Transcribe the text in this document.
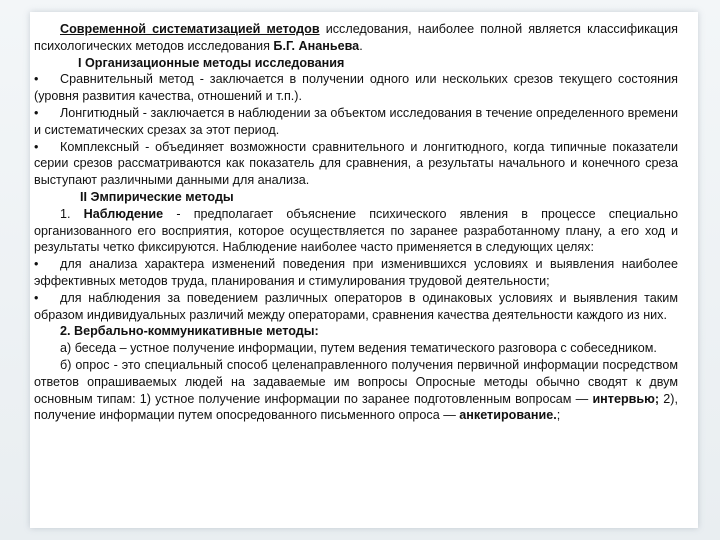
Современной систематизацией методов исследования, наиболее полной является классификация психологических методов исследования Б.Г. Ананьева.

I Организационные методы исследования

• Сравнительный метод - заключается в получении одного или нескольких срезов текущего состояния (уровня развития качества, отношений и т.п.).

• Лонгитюдный - заключается в наблюдении за объектом исследования в течение определенного времени и систематических срезах за этот период.

• Комплексный - объединяет возможности сравнительного и лонгитюдного, когда типичные показатели серии срезов рассматриваются как показатель для сравнения, а результаты начального и конечного среза выступают различными данными для анализа.

II Эмпирические методы

1. Наблюдение - предполагает объяснение психического явления в процессе специально организованного его восприятия, которое осуществляется по заранее разработанному плану, а его ход и результаты четко фиксируются. Наблюдение наиболее часто применяется в следующих целях:

• для анализа характера изменений поведения при изменившихся условиях и выявления наиболее эффективных методов труда, планирования и стимулирования трудовой деятельности;

• для наблюдения за поведением различных операторов в одинаковых условиях и выявления таким образом индивидуальных различий между операторами, сравнения качества деятельности каждого из них.

2. Вербально-коммуникативные методы:

а) беседа – устное получение информации, путем ведения тематического разговора с собеседником.

б) опрос - это специальный способ целенаправленного получения первичной информации посредством ответов опрашиваемых людей на задаваемые им вопросы Опросные методы обычно сводят к двум основным типам: 1) устное получение информации по заранее подготовленным вопросам — интервью; 2), получение информации путем опосредованного письменного опроса — анкетирование.;
